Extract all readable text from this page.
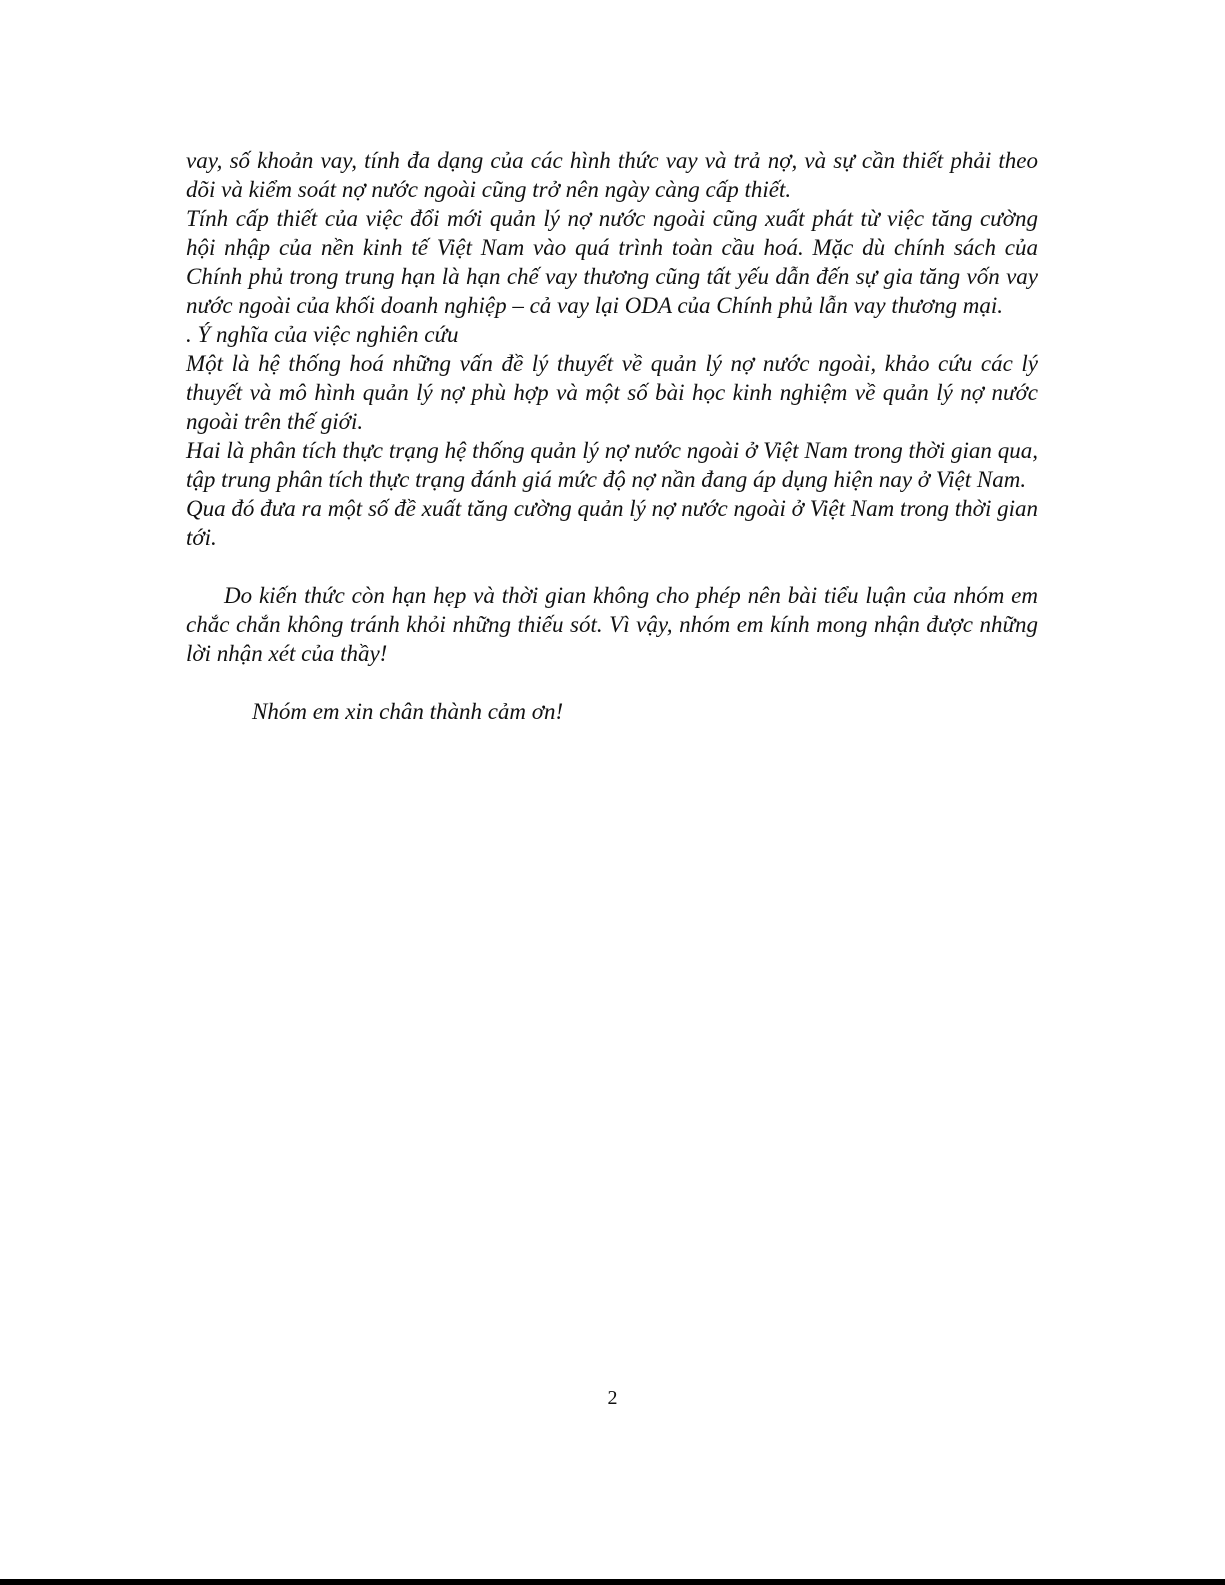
vay, số khoản vay, tính đa dạng của các hình thức vay và trả nợ, và sự cần thiết phải theo dõi và kiểm soát nợ nước ngoài cũng trở nên ngày càng cấp thiết.

Tính cấp thiết của việc đổi mới quản lý nợ nước ngoài cũng xuất phát từ việc tăng cường hội nhập của nền kinh tế Việt Nam vào quá trình toàn cầu hoá. Mặc dù chính sách của Chính phủ trong trung hạn là hạn chế vay thương cũng tất yếu dẫn đến sự gia tăng vốn vay nước ngoài của khối doanh nghiệp – cả vay lại ODA của Chính phủ lẫn vay thương mại.

. Ý nghĩa của việc nghiên cứu

Một là hệ thống hoá những vấn đề lý thuyết về quản lý nợ nước ngoài, khảo cứu các lý thuyết và mô hình quản lý nợ phù hợp và một số bài học kinh nghiệm về quản lý nợ nước ngoài trên thế giới.

Hai là phân tích thực trạng hệ thống quản lý nợ nước ngoài ở Việt Nam trong thời gian qua, tập trung phân tích thực trạng đánh giá mức độ nợ nần đang áp dụng hiện nay ở Việt Nam.

Qua đó đưa ra một số đề xuất tăng cường quản lý nợ nước ngoài ở Việt Nam trong thời gian tới.

Do kiến thức còn hạn hẹp và thời gian không cho phép nên bài tiểu luận của nhóm em chắc chắn không tránh khỏi những thiếu sót. Vì vậy, nhóm em kính mong nhận được những lời nhận xét của thầy!

Nhóm em xin chân thành cảm ơn!

2
